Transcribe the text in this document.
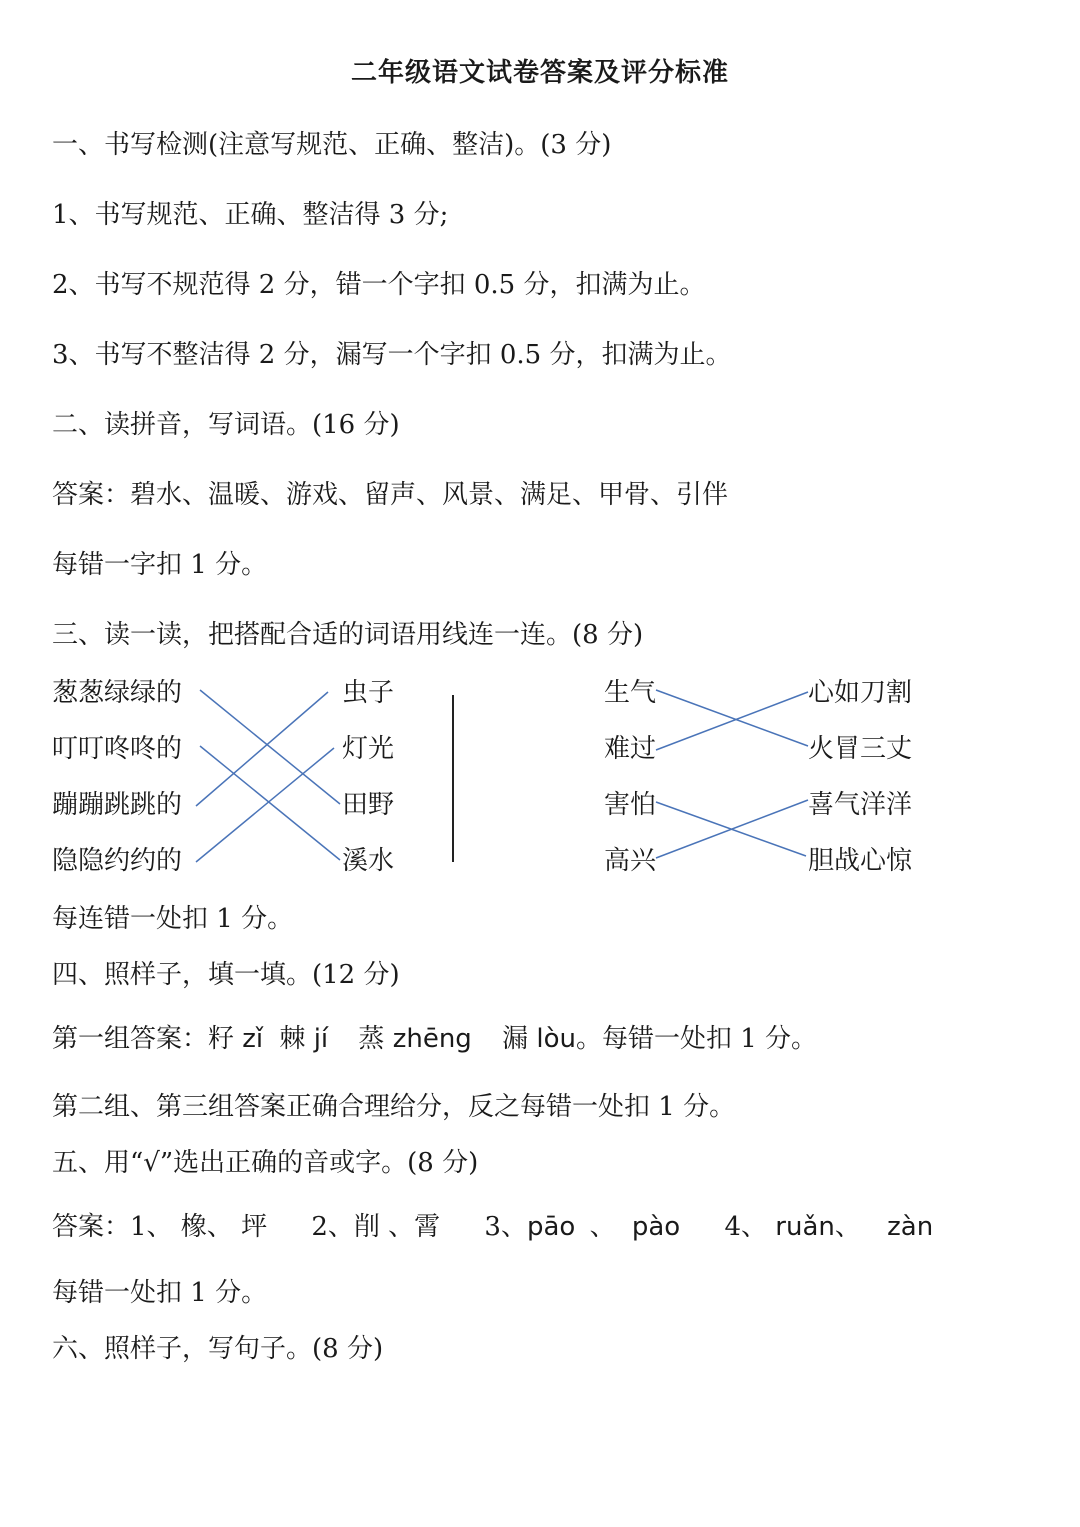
二年级语文试卷答案及评分标准
一、书写检测(注意写规范、正确、整洁)。(3 分)
1、书写规范、正确、整洁得 3 分;
2、书写不规范得 2 分，错一个字扣 0.5 分，扣满为止。
3、书写不整洁得 2 分，漏写一个字扣 0.5 分，扣满为止。
二、读拼音，写词语。(16 分)
答案：碧水、温暖、游戏、留声、风景、满足、甲骨、引伴
每错一字扣 1 分。
三、读一读，把搭配合适的词语用线连一连。(8 分)
葱葱绿绿的
叮叮咚咚的
蹦蹦跳跳的
隐隐约约的
虫子
灯光
田野
溪水
生气
难过
害怕
高兴
心如刀割
火冒三丈
喜气洋洋
胆战心惊
每连错一处扣 1 分。
四、照样子，填一填。(12 分)
第一组答案：籽 zǐ 棘 jí 蒸 zhēng 漏 lòu。每错一处扣 1 分。
第二组、第三组答案正确合理给分，反之每错一处扣 1 分。
五、用“√”选出正确的音或字。(8 分)
答案：1、 橡、 坪 2、削 、霄 3、pāo 、 pào 4、 ruǎn、 zàn
每错一处扣 1 分。
六、照样子，写句子。(8 分)
